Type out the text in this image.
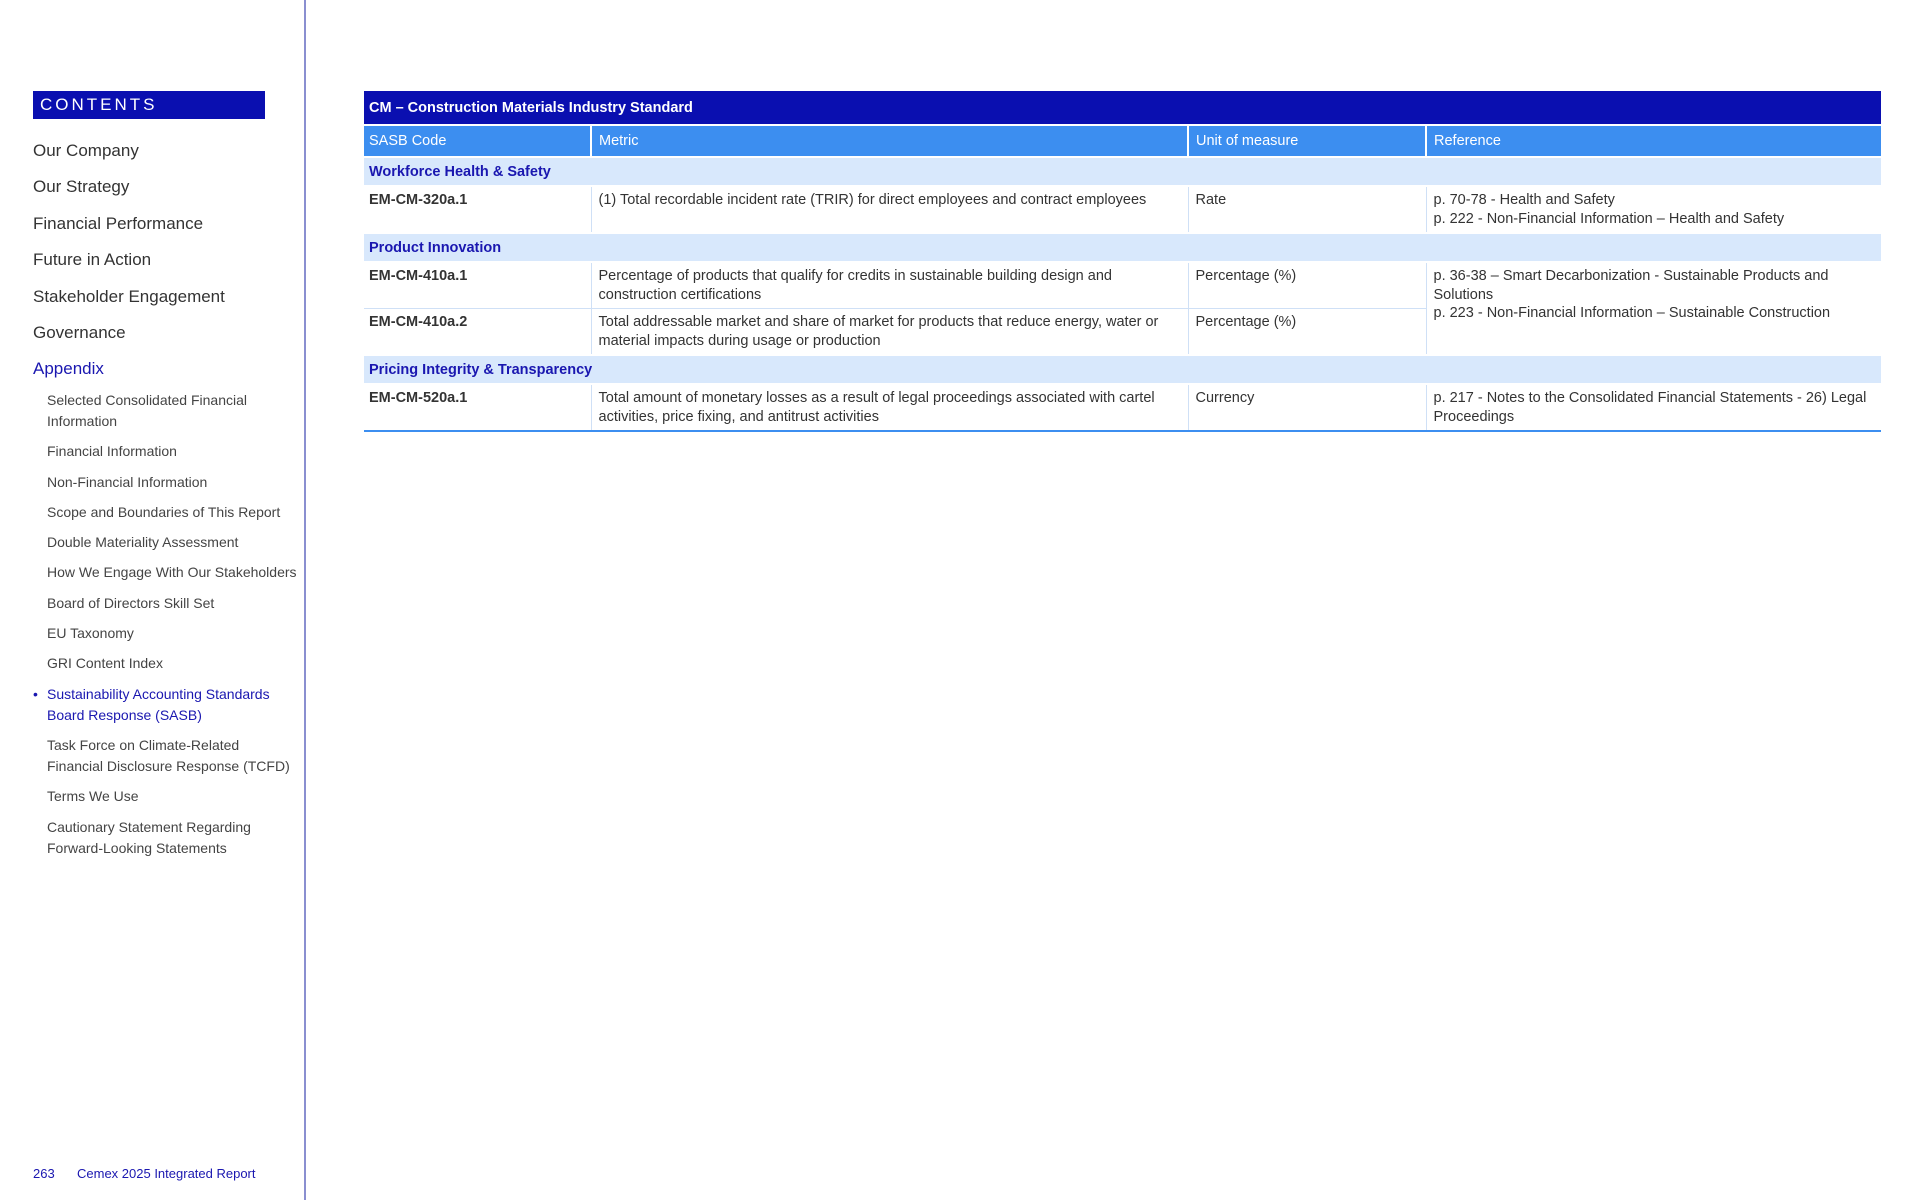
CONTENTS
Our Company
Our Strategy
Financial Performance
Future in Action
Stakeholder Engagement
Governance
Appendix
Selected Consolidated Financial Information
Financial Information
Non-Financial Information
Scope and Boundaries of This Report
Double Materiality Assessment
How We Engage With Our Stakeholders
Board of Directors Skill Set
EU Taxonomy
GRI Content Index
• Sustainability Accounting Standards Board Response (SASB)
Task Force on Climate-Related Financial Disclosure Response (TCFD)
Terms We Use
Cautionary Statement Regarding Forward-Looking Statements
263 Cemex 2025 Integrated Report
CM – Construction Materials Industry Standard
SASB Code	Metric	Unit of measure	Reference
Workforce Health & Safety			
EM-CM-320a.1	(1) Total recordable incident rate (TRIR) for direct employees and contract employees	Rate	p. 70-78 - Health and Safety
p. 222 - Non-Financial Information – Health and Safety

Product Innovation			
EM-CM-410a.1	Percentage of products that qualify for credits in sustainable building design and construction certifications	Percentage (%)	p. 36-38 – Smart Decarbonization - Sustainable Products and Solutions
p. 223 - Non-Financial Information – Sustainable Construction

EM-CM-410a.2	Total addressable market and share of market for products that reduce energy, water or material impacts during usage or production	Percentage (%)	
Pricing Integrity & Transparency			
EM-CM-520a.1	Total amount of monetary losses as a result of legal proceedings associated with cartel activities, price fixing, and antitrust activities	Currency	p. 217 - Notes to the Consolidated Financial Statements - 26) Legal Proceedings
